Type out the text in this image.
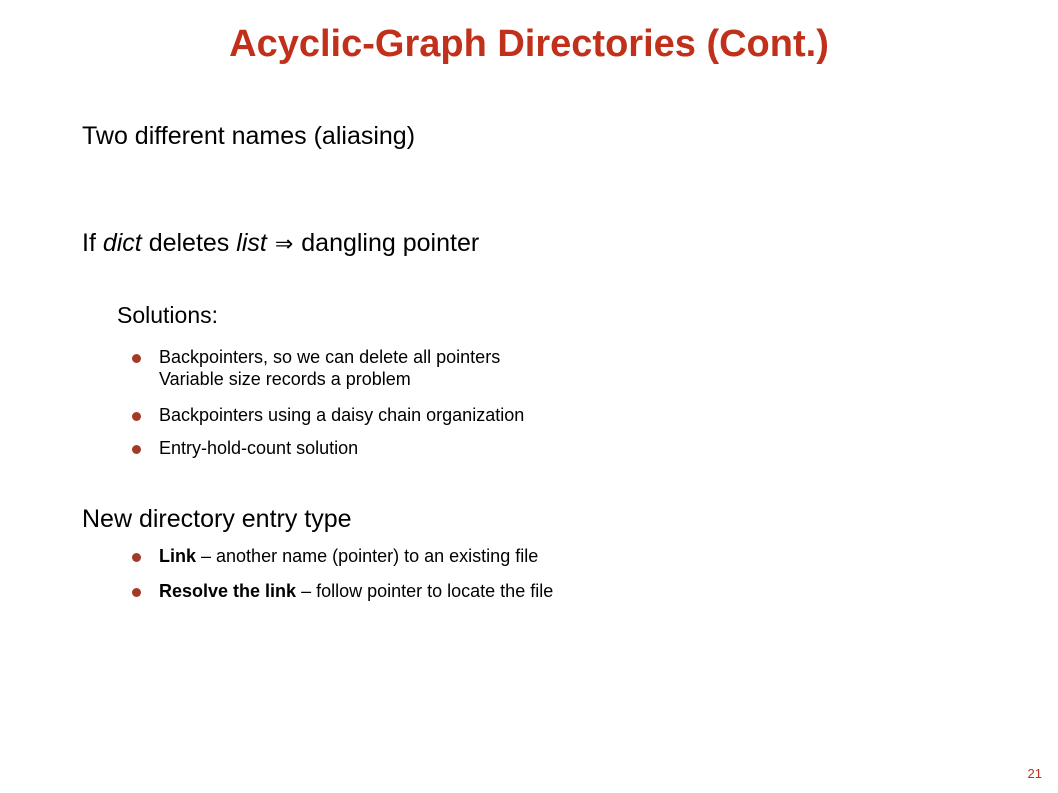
Acyclic-Graph Directories (Cont.)
Two different names (aliasing)
If dict deletes list ⇒ dangling pointer
Solutions:
Backpointers, so we can delete all pointers
Variable size records a problem
Backpointers using a daisy chain organization
Entry-hold-count solution
New directory entry type
Link – another name (pointer) to an existing file
Resolve the link – follow pointer to locate the file
21
